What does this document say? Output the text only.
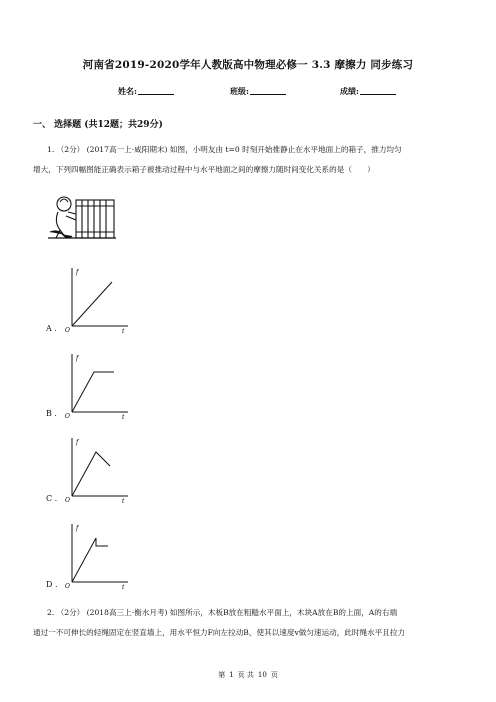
河南省2019-2020学年人教版高中物理必修一 3.3 摩擦力 同步练习
姓名:	班级:	成绩:
一、 选择题 (共12题；共29分)
1. （2分） (2017高一上·咸阳期末) 如图，小明友由 t=0 时刻开始推静止在水平地面上的箱子，推力均匀
增大，下列四幅图能正确表示箱子被推动过程中与水平地面之间的摩擦力随时间变化关系的是（　　）
f
O	t
A .
f
O	t
B .
f
O	t
C .
f
O	t
D .
2. （2分） (2018高三上·衡水月考) 如图所示，木板B放在粗糙水平面上，木块A放在B的上面，A的右端
通过一不可伸长的轻绳固定在竖直墙上，用水平恒力F向左拉动B，使其以速度v做匀速运动，此时绳水平且拉力
第 1 页 共 10 页
